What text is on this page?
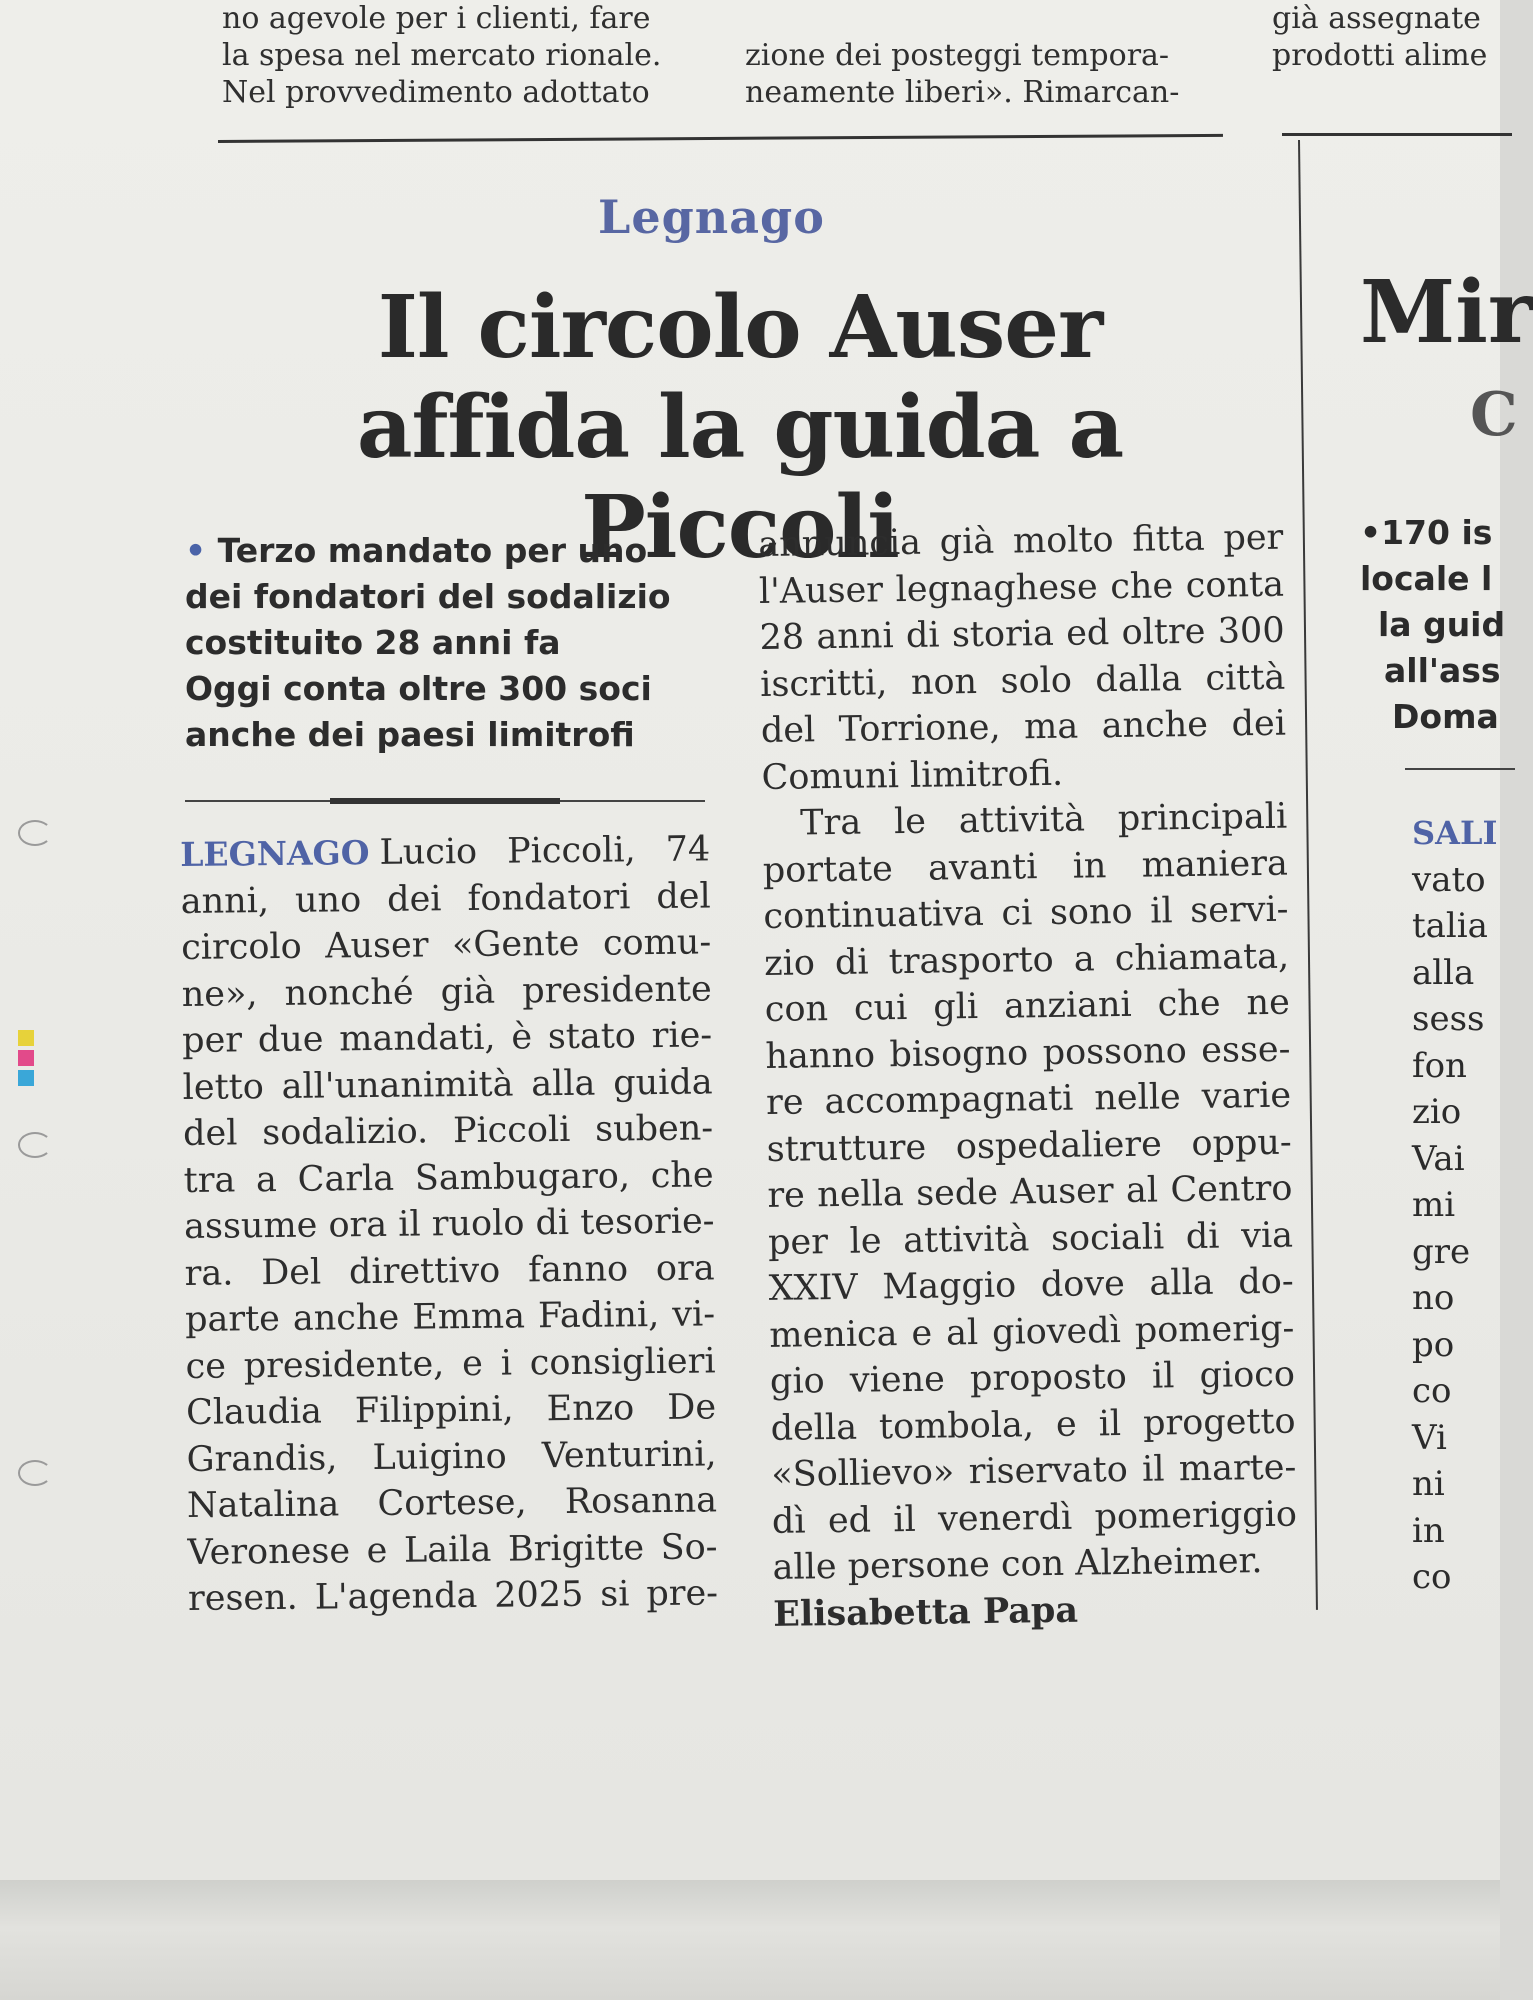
no agevole per i clienti, fare
la spesa nel mercato rionale.
Nel provvedimento adottato
zione dei posteggi tempora-
neamente liberi». Rimarcan-
già assegnate
prodotti alime
Legnago
Il circolo Auser
affida la guida a Piccoli
• Terzo mandato per uno
dei fondatori del sodalizio
costituito 28 anni fa
Oggi conta oltre 300 soci
anche dei paesi limitrofi
LEGNAGO Lucio Piccoli, 74
anni, uno dei fondatori del
circolo Auser «Gente comu-
ne», nonché già presidente
per due mandati, è stato rie-
letto all'unanimità alla guida
del sodalizio. Piccoli suben-
tra a Carla Sambugaro, che
assume ora il ruolo di tesorie-
ra. Del direttivo fanno ora
parte anche Emma Fadini, vi-
ce presidente, e i consiglieri
Claudia Filippini, Enzo De
Grandis, Luigino Venturini,
Natalina Cortese, Rosanna
Veronese e Laila Brigitte So-
resen. L'agenda 2025 si pre-
annuncia già molto fitta per
l'Auser legnaghese che conta
28 anni di storia ed oltre 300
iscritti, non solo dalla città
del Torrione, ma anche dei
Comuni limitrofi.
Tra le attività principali
portate avanti in maniera
continuativa ci sono il servi-
zio di trasporto a chiamata,
con cui gli anziani che ne
hanno bisogno possono esse-
re accompagnati nelle varie
strutture ospedaliere oppu-
re nella sede Auser al Centro
per le attività sociali di via
XXIV Maggio dove alla do-
menica e al giovedì pomerig-
gio viene proposto il gioco
della tombola, e il progetto
«Sollievo» riservato il marte-
dì ed il venerdì pomeriggio
alle persone con Alzheimer.
Elisabetta Papa
Mir
C
•170 is
locale l
la guid
all'ass
Doma
SALI
vato
talia
alla
sess
fon
zio
Vai
mi
gre
no
po
co
Vi
ni
in
co
